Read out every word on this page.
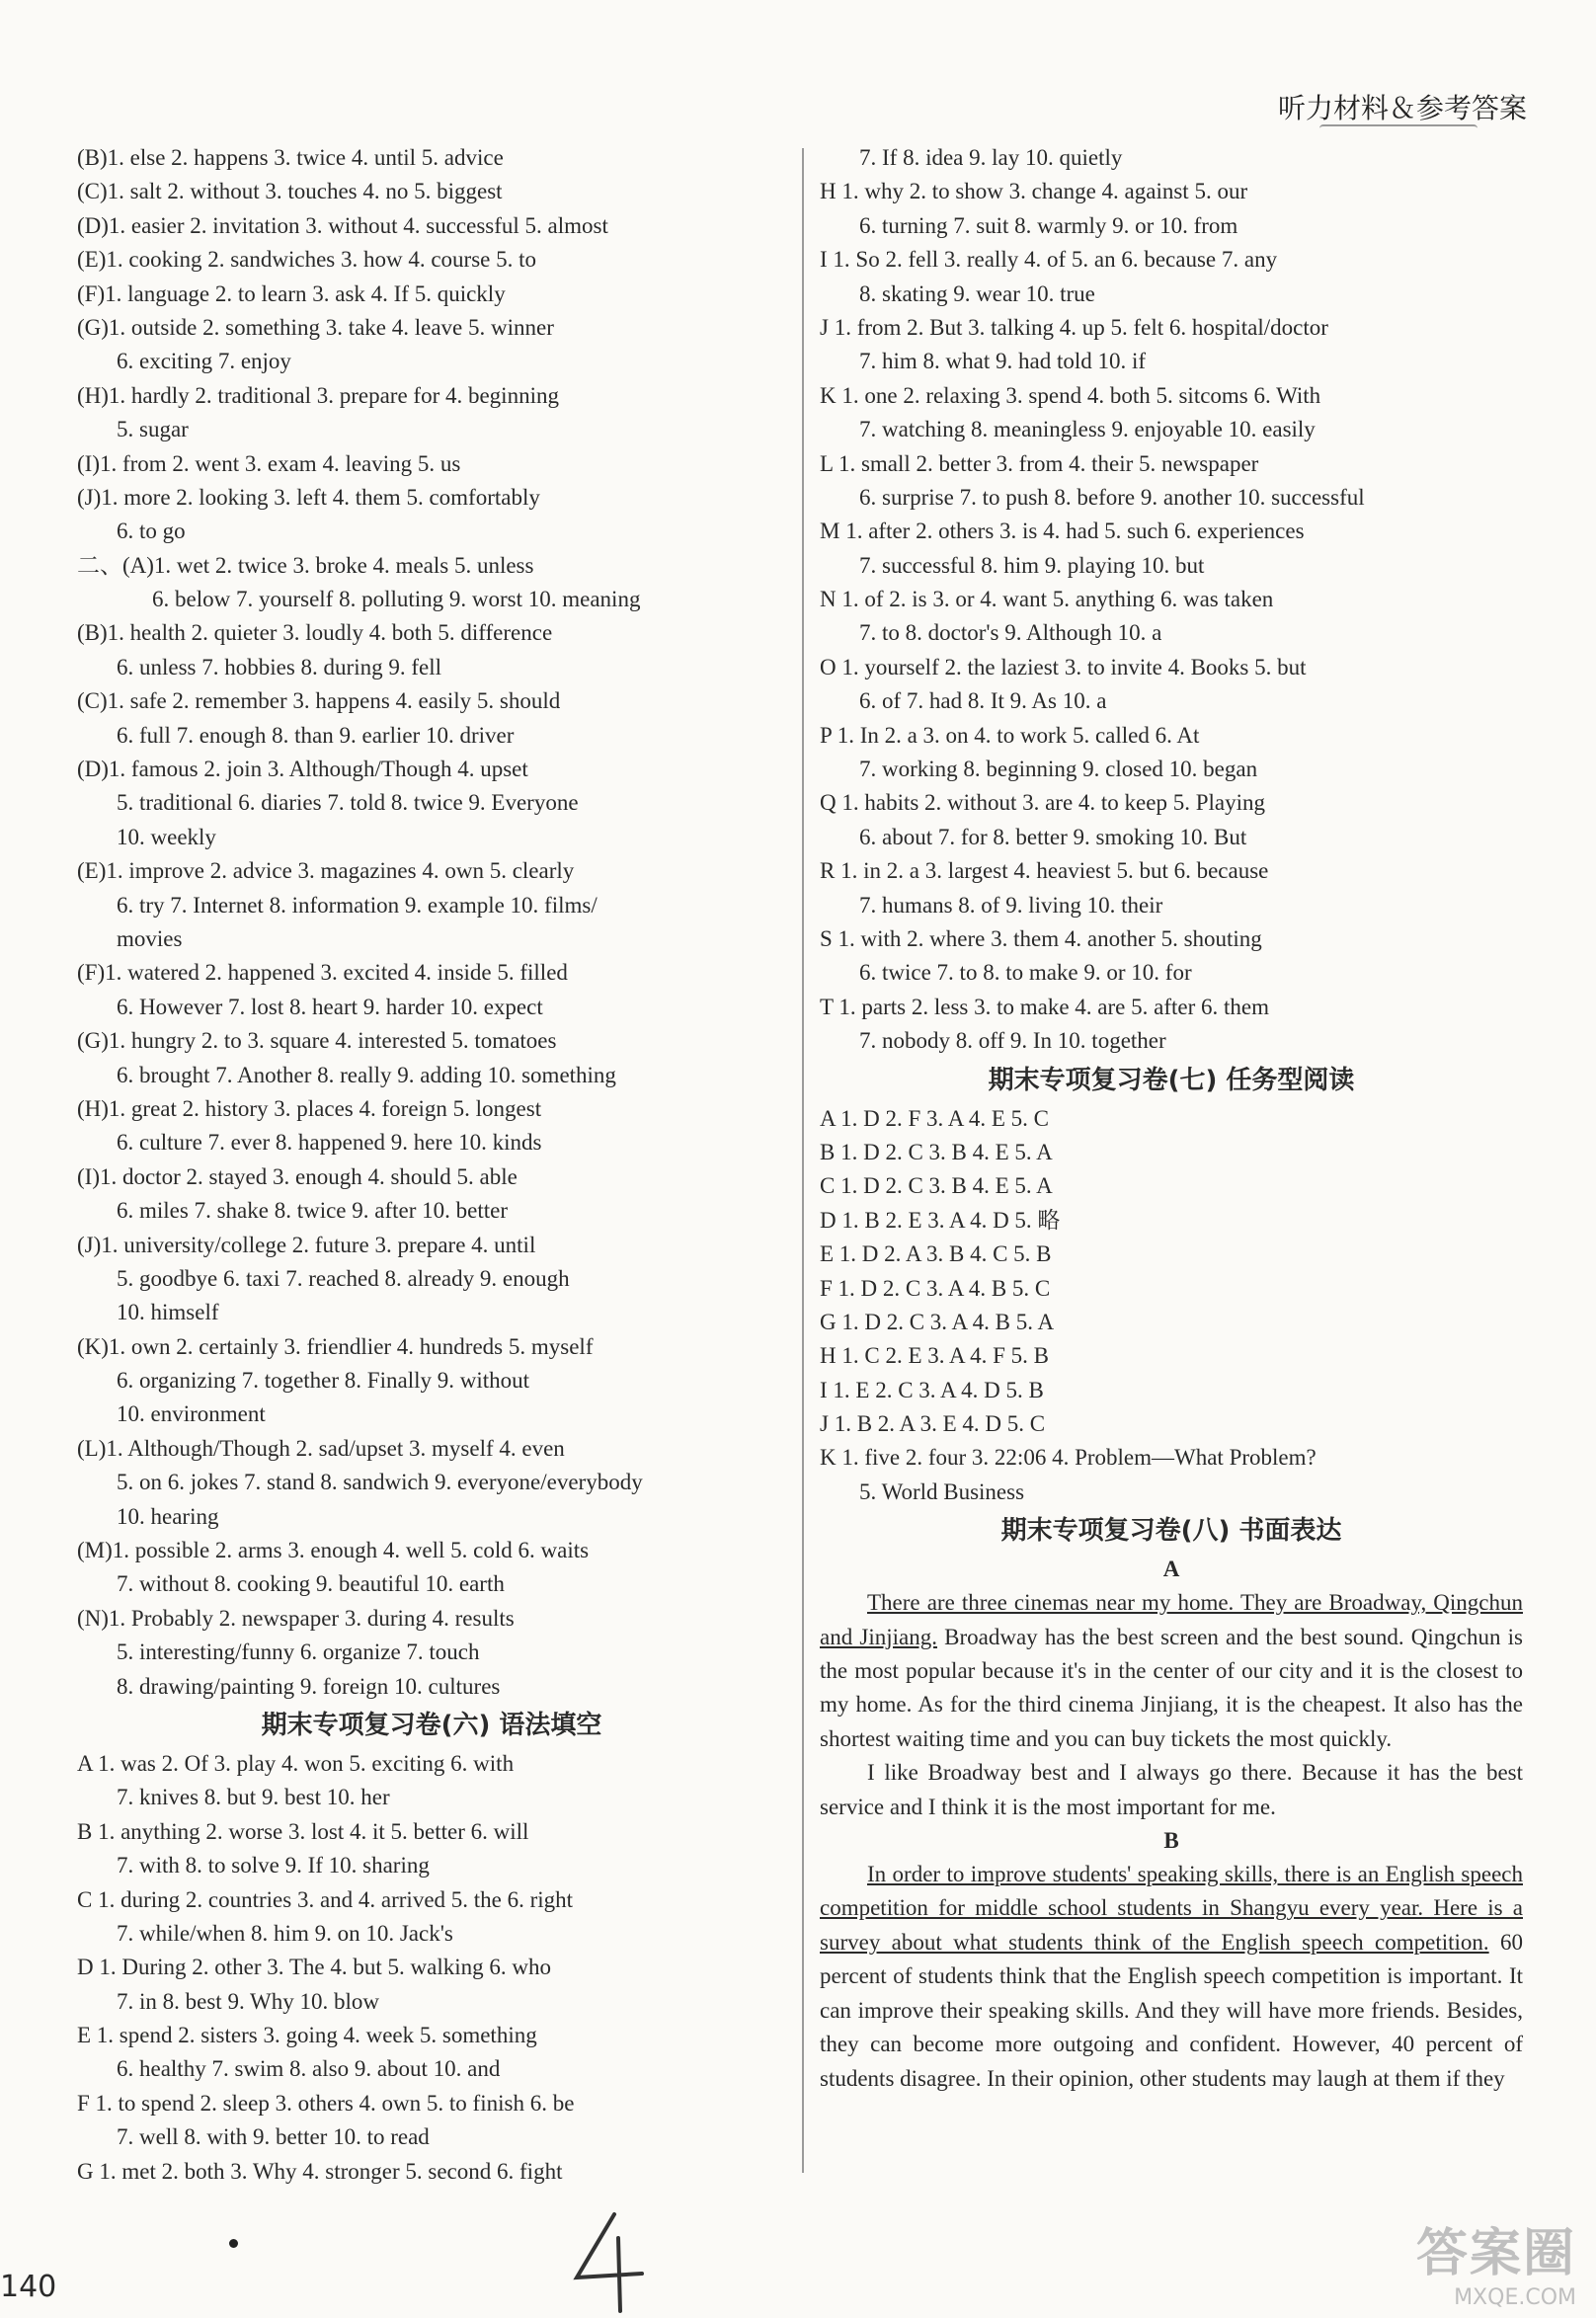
听力材料＆参考答案
(B)1. else 2. happens 3. twice 4. until 5. advice
(C)1. salt 2. without 3. touches 4. no 5. biggest
(D)1. easier 2. invitation 3. without 4. successful 5. almost
(E)1. cooking 2. sandwiches 3. how 4. course 5. to
(F)1. language 2. to learn 3. ask 4. If 5. quickly
(G)1. outside 2. something 3. take 4. leave 5. winner
6. exciting 7. enjoy
(H)1. hardly 2. traditional 3. prepare for 4. beginning
5. sugar
(I)1. from 2. went 3. exam 4. leaving 5. us
(J)1. more 2. looking 3. left 4. them 5. comfortably
6. to go
二、(A)1. wet 2. twice 3. broke 4. meals 5. unless
6. below 7. yourself 8. polluting 9. worst 10. meaning
(B)1. health 2. quieter 3. loudly 4. both 5. difference
6. unless 7. hobbies 8. during 9. fell
(C)1. safe 2. remember 3. happens 4. easily 5. should
6. full 7. enough 8. than 9. earlier 10. driver
(D)1. famous 2. join 3. Although/Though 4. upset
5. traditional 6. diaries 7. told 8. twice 9. Everyone
10. weekly
(E)1. improve 2. advice 3. magazines 4. own 5. clearly
6. try 7. Internet 8. information 9. example 10. films/
movies
(F)1. watered 2. happened 3. excited 4. inside 5. filled
6. However 7. lost 8. heart 9. harder 10. expect
(G)1. hungry 2. to 3. square 4. interested 5. tomatoes
6. brought 7. Another 8. really 9. adding 10. something
(H)1. great 2. history 3. places 4. foreign 5. longest
6. culture 7. ever 8. happened 9. here 10. kinds
(I)1. doctor 2. stayed 3. enough 4. should 5. able
6. miles 7. shake 8. twice 9. after 10. better
(J)1. university/college 2. future 3. prepare 4. until
5. goodbye 6. taxi 7. reached 8. already 9. enough
10. himself
(K)1. own 2. certainly 3. friendlier 4. hundreds 5. myself
6. organizing 7. together 8. Finally 9. without
10. environment
(L)1. Although/Though 2. sad/upset 3. myself 4. even
5. on 6. jokes 7. stand 8. sandwich 9. everyone/everybody
10. hearing
(M)1. possible 2. arms 3. enough 4. well 5. cold 6. waits
7. without 8. cooking 9. beautiful 10. earth
(N)1. Probably 2. newspaper 3. during 4. results
5. interesting/funny 6. organize 7. touch
8. drawing/painting 9. foreign 10. cultures
期末专项复习卷(六) 语法填空
A 1. was 2. Of 3. play 4. won 5. exciting 6. with
7. knives 8. but 9. best 10. her
B 1. anything 2. worse 3. lost 4. it 5. better 6. will
7. with 8. to solve 9. If 10. sharing
C 1. during 2. countries 3. and 4. arrived 5. the 6. right
7. while/when 8. him 9. on 10. Jack's
D 1. During 2. other 3. The 4. but 5. walking 6. who
7. in 8. best 9. Why 10. blow
E 1. spend 2. sisters 3. going 4. week 5. something
6. healthy 7. swim 8. also 9. about 10. and
F 1. to spend 2. sleep 3. others 4. own 5. to finish 6. be
7. well 8. with 9. better 10. to read
G 1. met 2. both 3. Why 4. stronger 5. second 6. fight
7. If 8. idea 9. lay 10. quietly
H 1. why 2. to show 3. change 4. against 5. our
6. turning 7. suit 8. warmly 9. or 10. from
I 1. So 2. fell 3. really 4. of 5. an 6. because 7. any
8. skating 9. wear 10. true
J 1. from 2. But 3. talking 4. up 5. felt 6. hospital/doctor
7. him 8. what 9. had told 10. if
K 1. one 2. relaxing 3. spend 4. both 5. sitcoms 6. With
7. watching 8. meaningless 9. enjoyable 10. easily
L 1. small 2. better 3. from 4. their 5. newspaper
6. surprise 7. to push 8. before 9. another 10. successful
M 1. after 2. others 3. is 4. had 5. such 6. experiences
7. successful 8. him 9. playing 10. but
N 1. of 2. is 3. or 4. want 5. anything 6. was taken
7. to 8. doctor's 9. Although 10. a
O 1. yourself 2. the laziest 3. to invite 4. Books 5. but
6. of 7. had 8. It 9. As 10. a
P 1. In 2. a 3. on 4. to work 5. called 6. At
7. working 8. beginning 9. closed 10. began
Q 1. habits 2. without 3. are 4. to keep 5. Playing
6. about 7. for 8. better 9. smoking 10. But
R 1. in 2. a 3. largest 4. heaviest 5. but 6. because
7. humans 8. of 9. living 10. their
S 1. with 2. where 3. them 4. another 5. shouting
6. twice 7. to 8. to make 9. or 10. for
T 1. parts 2. less 3. to make 4. are 5. after 6. them
7. nobody 8. off 9. In 10. together
期末专项复习卷(七) 任务型阅读
A 1. D 2. F 3. A 4. E 5. C
B 1. D 2. C 3. B 4. E 5. A
C 1. D 2. C 3. B 4. E 5. A
D 1. B 2. E 3. A 4. D 5. 略
E 1. D 2. A 3. B 4. C 5. B
F 1. D 2. C 3. A 4. B 5. C
G 1. D 2. C 3. A 4. B 5. A
H 1. C 2. E 3. A 4. F 5. B
I 1. E 2. C 3. A 4. D 5. B
J 1. B 2. A 3. E 4. D 5. C
K 1. five 2. four 3. 22:06 4. Problem—What Problem?
5. World Business
期末专项复习卷(八) 书面表达
A

There are three cinemas near my home. They are Broadway, Qingchun and Jinjiang. Broadway has the best screen and the best sound. Qingchun is the most popular because it's in the center of our city and it is the closest to my home. As for the third cinema Jinjiang, it is the cheapest. It also has the shortest waiting time and you can buy tickets the most quickly.

I like Broadway best and I always go there. Because it has the best service and I think it is the most important for me.

B

In order to improve students' speaking skills, there is an English speech competition for middle school students in Shangyu every year. Here is a survey about what students think of the English speech competition. 60 percent of students think that the English speech competition is important. It can improve their speaking skills. And they will have more friends. Besides, they can become more outgoing and confident. However, 40 percent of students disagree. In their opinion, other students may laugh at them if they

140
答案圈
MXQE.COM
